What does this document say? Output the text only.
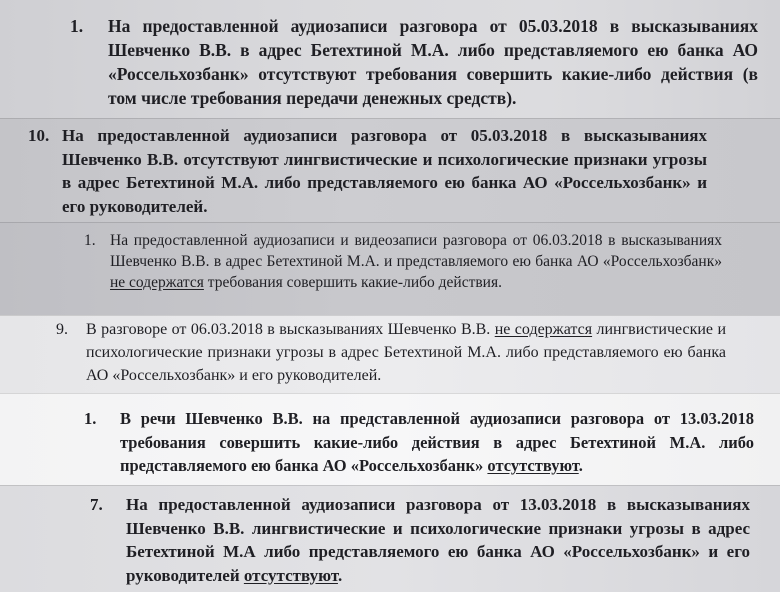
1.	На предоставленной аудиозаписи разговора от 05.03.2018 в высказываниях Шевченко В.В. в адрес Бетехтиной М.А. либо представляемого ею банка АО «Россельхозбанк» отсутствуют требования совершить какие-либо действия (в том числе требования передачи денежных средств).
10. На предоставленной аудиозаписи разговора от 05.03.2018 в высказываниях Шевченко В.В. отсутствуют лингвистические и психологические признаки угрозы в адрес Бетехтиной М.А. либо представляемого ею банка АО «Россельхозбанк» и его руководителей.
1. На предоставленной аудиозаписи и видеозаписи разговора от 06.03.2018 в высказываниях Шевченко В.В. в адрес Бетехтиной М.А. и представляемого ею банка АО «Россельхозбанк» не содержатся требования совершить какие-либо действия.
9.	В разговоре от 06.03.2018 в высказываниях Шевченко В.В. не содержатся лингвистические и психологические признаки угрозы в адрес Бетехтиной М.А. либо представляемого ею банка АО «Россельхозбанк» и его руководителей.
1.	В речи Шевченко В.В. на представленной аудиозаписи разговора от 13.03.2018 требования совершить какие-либо действия в адрес Бетехтиной М.А. либо представляемого ею банка АО «Россельхозбанк» отсутствуют.
7.	На предоставленной аудиозаписи разговора от 13.03.2018 в высказываниях Шевченко В.В. лингвистические и психологические признаки угрозы в адрес Бетехтиной М.А либо представляемого ею банка АО «Россельхозбанк» и его руководителей отсутствуют.
